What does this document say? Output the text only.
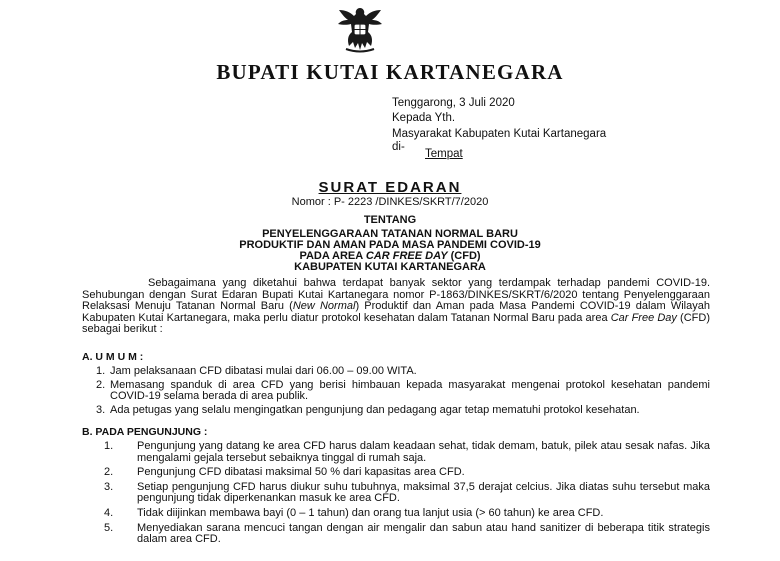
BUPATI KUTAI KARTANEGARA
Tenggarong, 3 Juli 2020
Kepada Yth.
Masyarakat Kabupaten Kutai Kartanegara
di-
Tempat
SURAT EDARAN
Nomor : P- 2223 /DINKES/SKRT/7/2020
TENTANG
PENYELENGGARAAN TATANAN NORMAL BARU
PRODUKTIF DAN AMAN PADA MASA PANDEMI COVID-19
PADA AREA CAR FREE DAY (CFD)
KABUPATEN KUTAI KARTANEGARA

Sebagaimana yang diketahui bahwa terdapat banyak sektor yang terdampak terhadap pandemi COVID-19. Sehubungan dengan Surat Edaran Bupati Kutai Kartanegara nomor P-1863/DINKES/SKRT/6/2020 tentang Penyelenggaraan Relaksasi Menuju Tatanan Normal Baru (New Normal) Produktif dan Aman pada Masa Pandemi COVID-19 dalam Wilayah Kabupaten Kutai Kartanegara, maka perlu diatur protokol kesehatan dalam Tatanan Normal Baru pada area Car Free Day (CFD) sebagai berikut :

A. U M U M :
1. Jam pelaksanaan CFD dibatasi mulai dari 06.00 – 09.00 WITA.
2. Memasang spanduk di area CFD yang berisi himbauan kepada masyarakat mengenai protokol kesehatan pandemi COVID-19 selama berada di area publik.
3. Ada petugas yang selalu mengingatkan pengunjung dan pedagang agar tetap mematuhi protokol kesehatan.
B. PADA PENGUNJUNG :
1. Pengunjung yang datang ke area CFD harus dalam keadaan sehat, tidak demam, batuk, pilek atau sesak nafas. Jika mengalami gejala tersebut sebaiknya tinggal di rumah saja.
2. Pengunjung CFD dibatasi maksimal 50 % dari kapasitas area CFD.
3. Setiap pengunjung CFD harus diukur suhu tubuhnya, maksimal 37,5 derajat celcius. Jika diatas suhu tersebut maka pengunjung tidak diperkenankan masuk ke area CFD.
4. Tidak diijinkan membawa bayi (0 – 1 tahun) dan orang tua lanjut usia (> 60 tahun) ke area CFD.
5. Menyediakan sarana mencuci tangan dengan air mengalir dan sabun atau hand sanitizer di beberapa titik strategis dalam area CFD.
